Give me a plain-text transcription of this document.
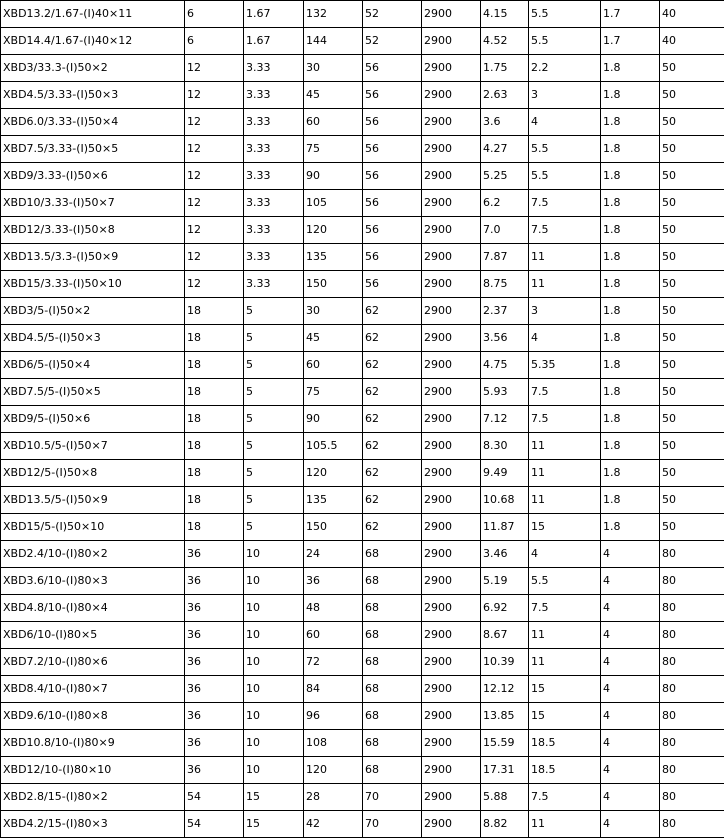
XBD13.2/1.67-(I)40×11	6	1.67	132	52	2900	4.15	5.5	1.7	40
XBD14.4/1.67-(I)40×12	6	1.67	144	52	2900	4.52	5.5	1.7	40
XBD3/33.3-(I)50×2	12	3.33	30	56	2900	1.75	2.2	1.8	50
XBD4.5/3.33-(I)50×3	12	3.33	45	56	2900	2.63	3	1.8	50
XBD6.0/3.33-(I)50×4	12	3.33	60	56	2900	3.6	4	1.8	50
XBD7.5/3.33-(I)50×5	12	3.33	75	56	2900	4.27	5.5	1.8	50
XBD9/3.33-(I)50×6	12	3.33	90	56	2900	5.25	5.5	1.8	50
XBD10/3.33-(I)50×7	12	3.33	105	56	2900	6.2	7.5	1.8	50
XBD12/3.33-(I)50×8	12	3.33	120	56	2900	7.0	7.5	1.8	50
XBD13.5/3.3-(I)50×9	12	3.33	135	56	2900	7.87	11	1.8	50
XBD15/3.33-(I)50×10	12	3.33	150	56	2900	8.75	11	1.8	50
XBD3/5-(I)50×2	18	5	30	62	2900	2.37	3	1.8	50
XBD4.5/5-(I)50×3	18	5	45	62	2900	3.56	4	1.8	50
XBD6/5-(I)50×4	18	5	60	62	2900	4.75	5.35	1.8	50
XBD7.5/5-(I)50×5	18	5	75	62	2900	5.93	7.5	1.8	50
XBD9/5-(I)50×6	18	5	90	62	2900	7.12	7.5	1.8	50
XBD10.5/5-(I)50×7	18	5	105.5	62	2900	8.30	11	1.8	50
XBD12/5-(I)50×8	18	5	120	62	2900	9.49	11	1.8	50
XBD13.5/5-(I)50×9	18	5	135	62	2900	10.68	11	1.8	50
XBD15/5-(I)50×10	18	5	150	62	2900	11.87	15	1.8	50
XBD2.4/10-(I)80×2	36	10	24	68	2900	3.46	4	4	80
XBD3.6/10-(I)80×3	36	10	36	68	2900	5.19	5.5	4	80
XBD4.8/10-(I)80×4	36	10	48	68	2900	6.92	7.5	4	80
XBD6/10-(I)80×5	36	10	60	68	2900	8.67	11	4	80
XBD7.2/10-(I)80×6	36	10	72	68	2900	10.39	11	4	80
XBD8.4/10-(I)80×7	36	10	84	68	2900	12.12	15	4	80
XBD9.6/10-(I)80×8	36	10	96	68	2900	13.85	15	4	80
XBD10.8/10-(I)80×9	36	10	108	68	2900	15.59	18.5	4	80
XBD12/10-(I)80×10	36	10	120	68	2900	17.31	18.5	4	80
XBD2.8/15-(I)80×2	54	15	28	70	2900	5.88	7.5	4	80
XBD4.2/15-(I)80×3	54	15	42	70	2900	8.82	11	4	80
